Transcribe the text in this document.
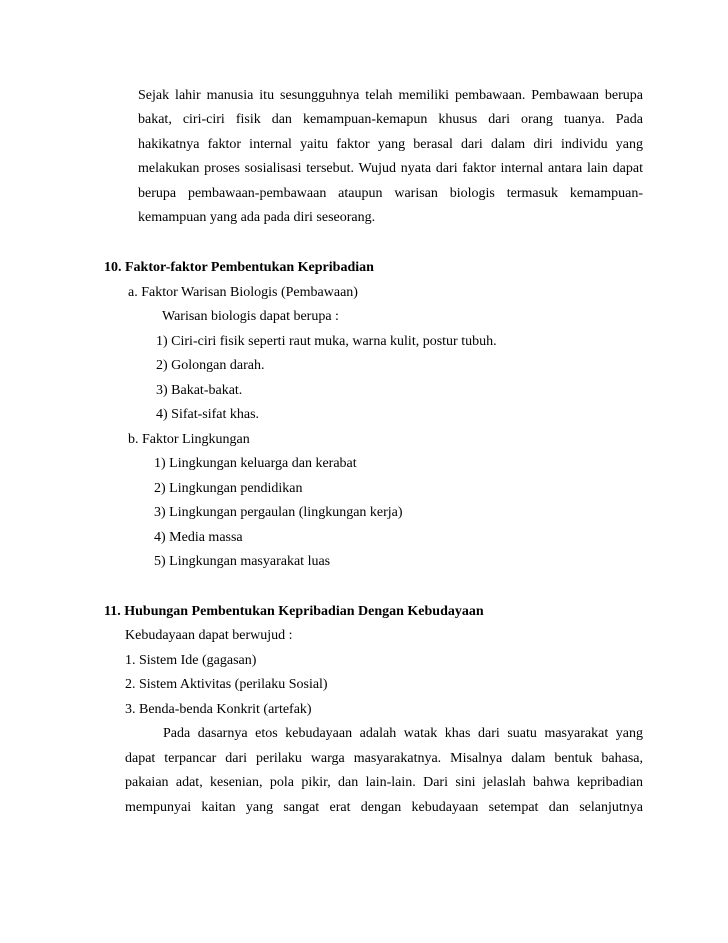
Sejak lahir manusia itu sesungguhnya telah memiliki pembawaan. Pembawaan berupa
bakat, ciri-ciri fisik dan kemampuan-kemapun khusus dari orang tuanya. Pada
hakikatnya faktor internal yaitu faktor yang berasal dari dalam diri individu yang
melakukan proses sosialisasi tersebut. Wujud nyata dari faktor internal antara lain dapat
berupa pembawaan-pembawaan ataupun warisan biologis termasuk kemampuan-
kemampuan yang ada pada diri seseorang.
10. Faktor-faktor Pembentukan Kepribadian
a. Faktor Warisan Biologis (Pembawaan)
Warisan biologis dapat berupa :
1) Ciri-ciri fisik seperti raut muka, warna kulit, postur tubuh.
2) Golongan darah.
3) Bakat-bakat.
4) Sifat-sifat khas.
b. Faktor Lingkungan
1) Lingkungan keluarga dan kerabat
2) Lingkungan pendidikan
3) Lingkungan pergaulan (lingkungan kerja)
4) Media massa
5) Lingkungan masyarakat luas
11. Hubungan Pembentukan Kepribadian Dengan Kebudayaan
Kebudayaan dapat berwujud :
1. Sistem Ide (gagasan)
2. Sistem Aktivitas (perilaku Sosial)
3. Benda-benda Konkrit (artefak)
Pada dasarnya etos kebudayaan adalah watak khas dari suatu masyarakat yang
dapat terpancar dari perilaku warga masyarakatnya. Misalnya dalam bentuk bahasa,
pakaian adat, kesenian, pola pikir, dan lain-lain. Dari sini jelaslah bahwa kepribadian
mempunyai kaitan yang sangat erat dengan kebudayaan setempat dan selanjutnya
